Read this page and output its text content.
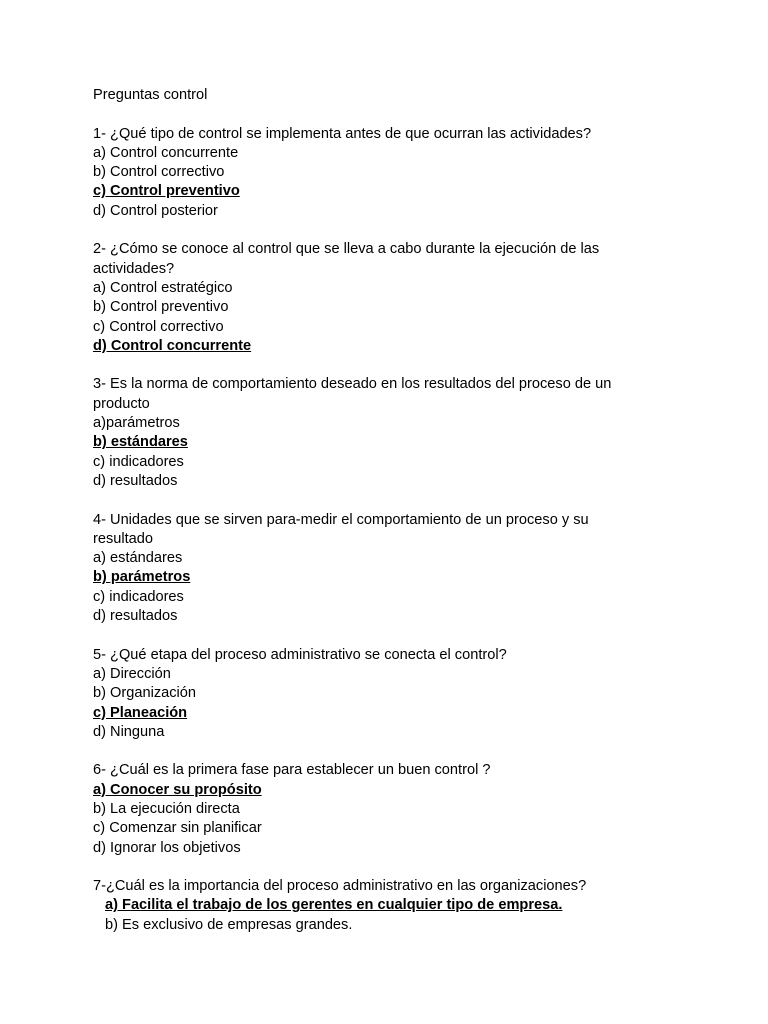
Preguntas control

1- ¿Qué tipo de control se implementa antes de que ocurran las actividades?

a) Control concurrente

b) Control correctivo

c) Control preventivo

d) Control posterior

2- ¿Cómo se conoce al control que se lleva a cabo durante la ejecución de las

actividades?

a) Control estratégico

b) Control preventivo

c) Control correctivo

d) Control concurrente

3- Es la norma de comportamiento deseado en los resultados del proceso de un

producto

a)parámetros

b) estándares

c) indicadores

d) resultados

4- Unidades que se sirven para-medir el comportamiento de un proceso y su

resultado

a) estándares

b) parámetros

c) indicadores

d) resultados

5- ¿Qué etapa del proceso administrativo se conecta el control?

a) Dirección

b) Organización

c) Planeación

d) Ninguna

6- ¿Cuál es la primera fase para establecer un buen control ?

a) Conocer su propósito

b) La ejecución directa

c) Comenzar sin planificar

d) Ignorar los objetivos

7-¿Cuál es la importancia del proceso administrativo en las organizaciones?

a) Facilita el trabajo de los gerentes en cualquier tipo de empresa.

b) Es exclusivo de empresas grandes.
